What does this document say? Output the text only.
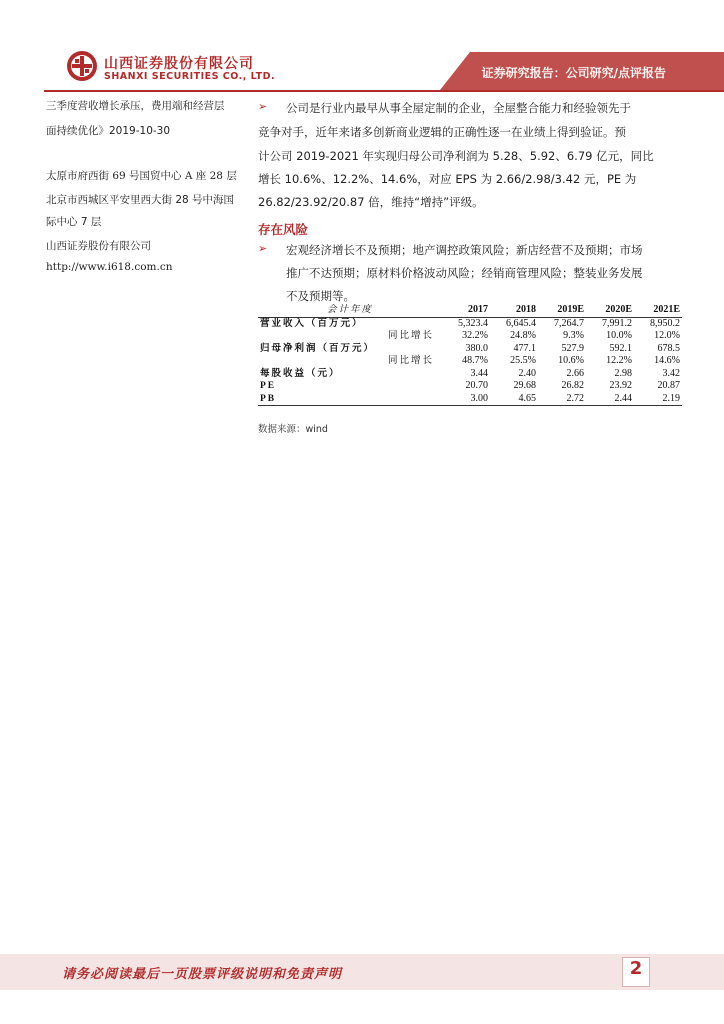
山西证券股份有限公司
SHANXI SECURITIES CO., LTD.	证券研究报告：公司研究/点评报告
三季度营收增长承压，费用端和经营层
面持续优化》2019-10-30
太原市府西街 69 号国贸中心 A 座 28 层
北京市西城区平安里西大街 28 号中海国
际中心 7 层
山西证券股份有限公司
http://www.i618.com.cn
➢ 公司是行业内最早从事全屋定制的企业，全屋整合能力和经验领先于
竞争对手，近年来诸多创新商业逻辑的正确性逐一在业绩上得到验证。预
计公司 2019-2021 年实现归母公司净利润为 5.28、5.92、6.79 亿元，同比
增长 10.6%、12.2%、14.6%，对应 EPS 为 2.66/2.98/3.42 元，PE 为
26.82/23.92/20.87 倍，维持“增持”评级。
存在风险
➢ 宏观经济增长不及预期；地产调控政策风险；新店经营不及预期；市场
推广不达预期；原材料价格波动风险；经销商管理风险；整装业务发展
不及预期等。
会计年度	2017	2018	2019E	2020E	2021E
营业收入（百万元）	5,323.4	6,645.4	7,264.7	7,991.2	8,950.2
同比增长	32.2%	24.8%	9.3%	10.0%	12.0%
归母净利润（百万元）	380.0	477.1	527.9	592.1	678.5
同比增长	48.7%	25.5%	10.6%	12.2%	14.6%
每股收益（元）	3.44	2.40	2.66	2.98	3.42
PE	20.70	29.68	26.82	23.92	20.87
PB	3.00	4.65	2.72	2.44	2.19
数据来源：wind
请务必阅读最后一页股票评级说明和免责声明	2
